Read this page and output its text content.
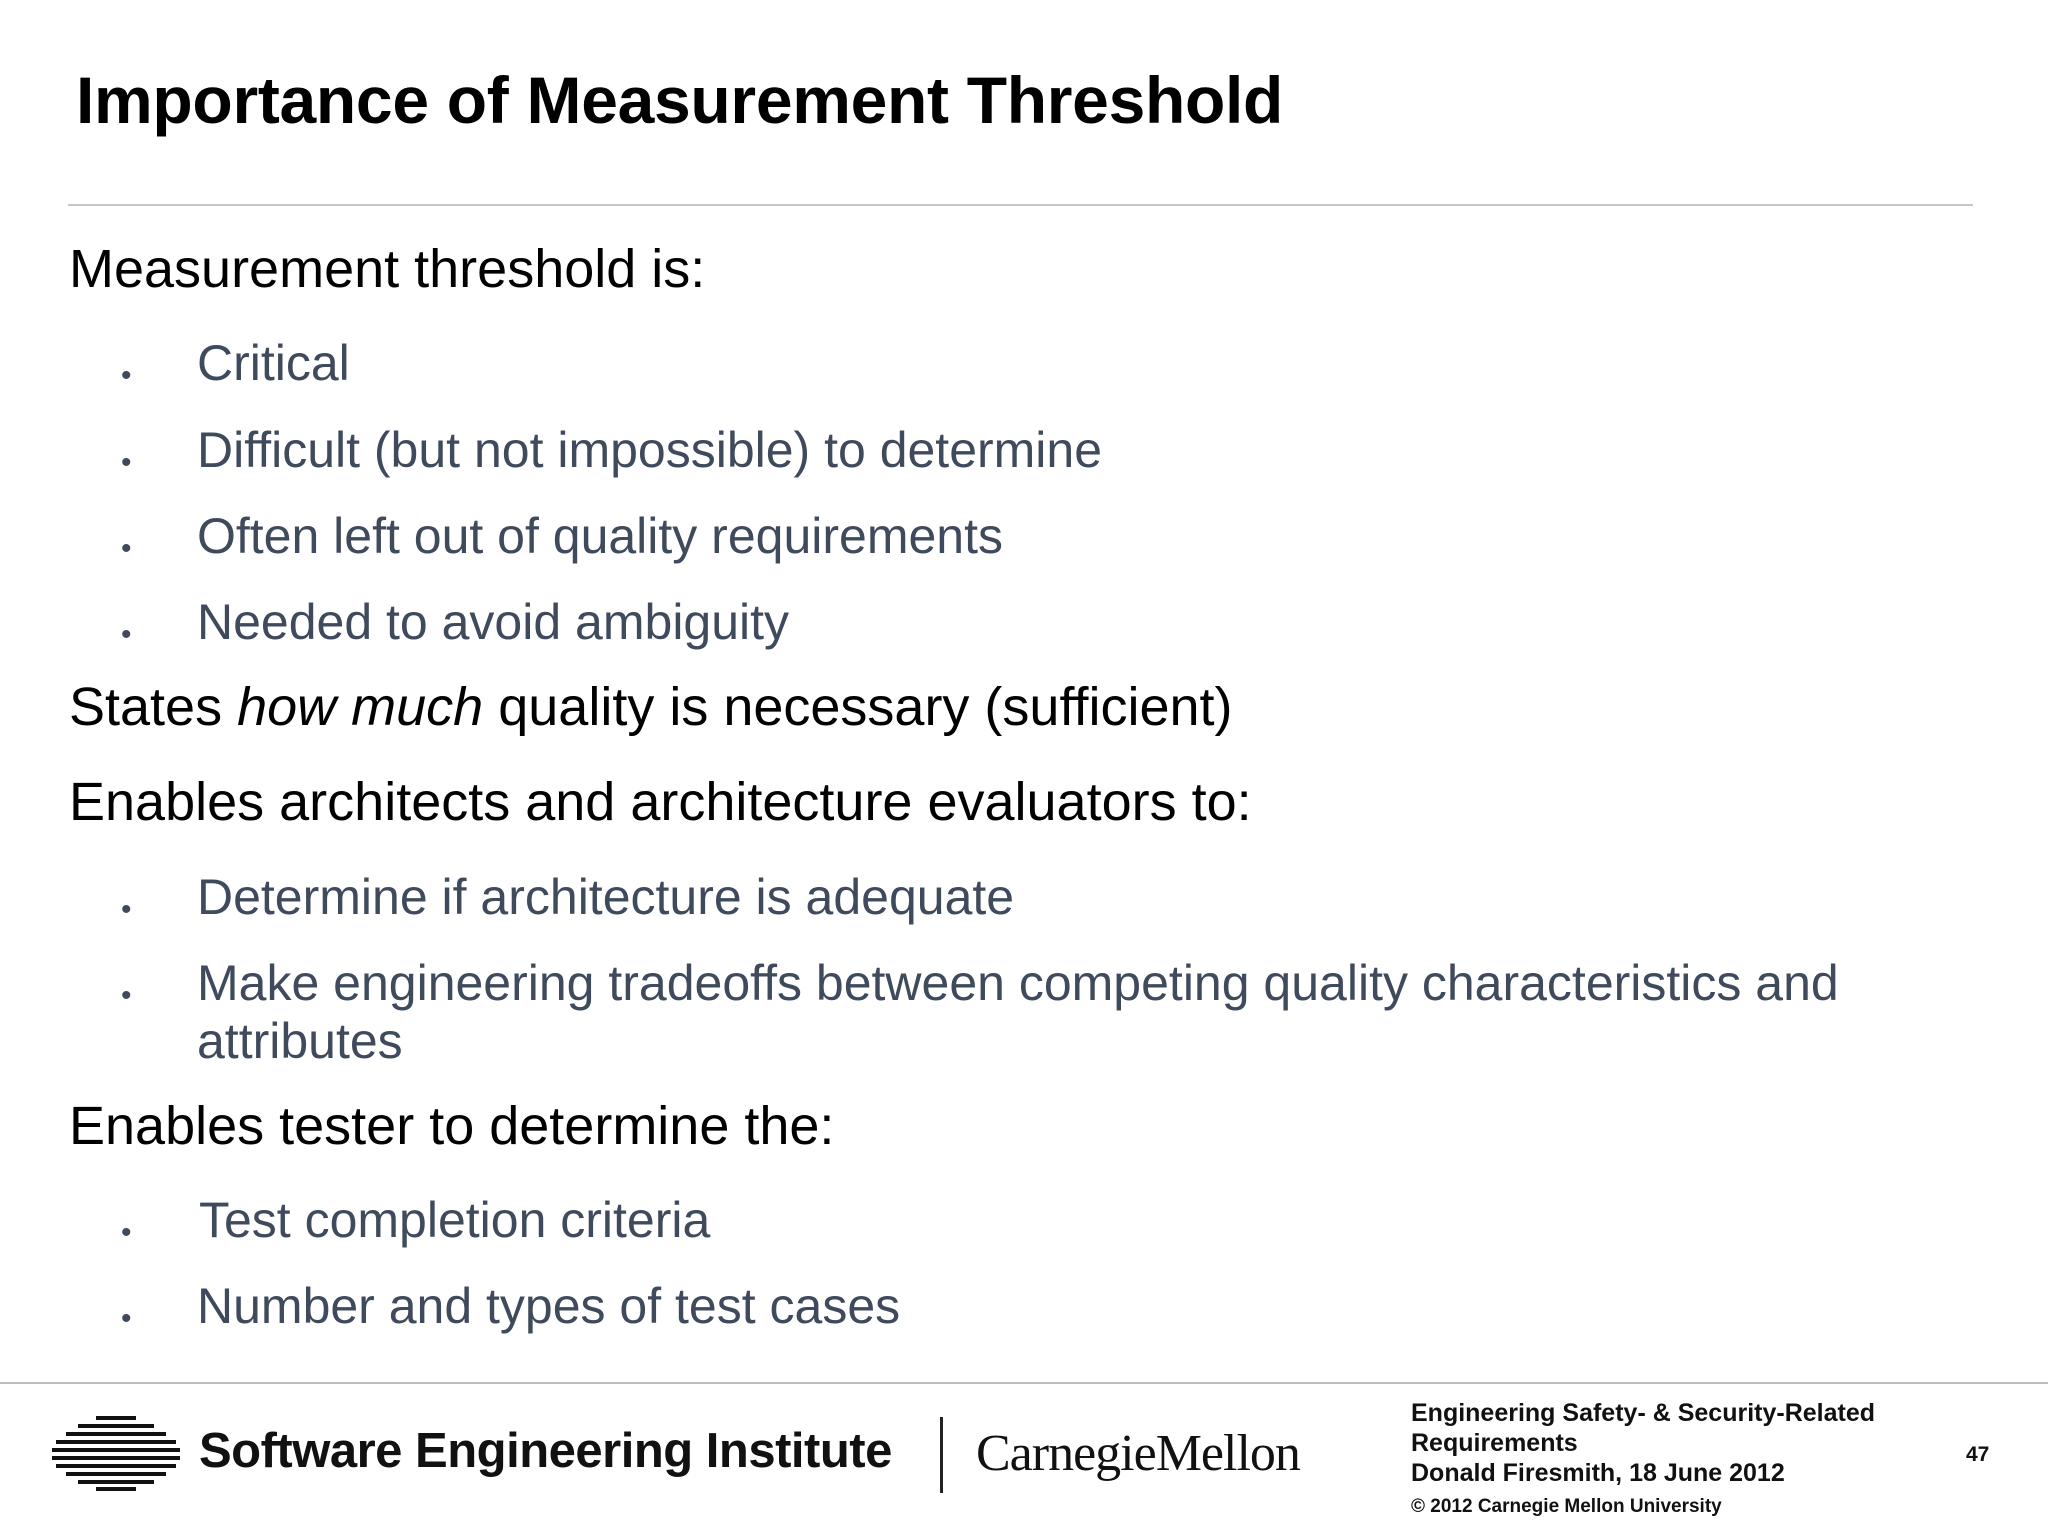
Importance of Measurement Threshold
Measurement threshold is:
• Critical
• Difficult (but not impossible) to determine
• Often left out of quality requirements
• Needed to avoid ambiguity
States how much quality is necessary (sufficient)
Enables architects and architecture evaluators to:
• Determine if architecture is adequate
• Make engineering tradeoffs between competing quality characteristics and attributes
Enables tester to determine the:
• Test completion criteria
• Number and types of test cases
Software Engineering Institute CarnegieMellon
Engineering Safety- & Security-Related
Requirements
Donald Firesmith, 18 June 2012
© 2012 Carnegie Mellon University
47
